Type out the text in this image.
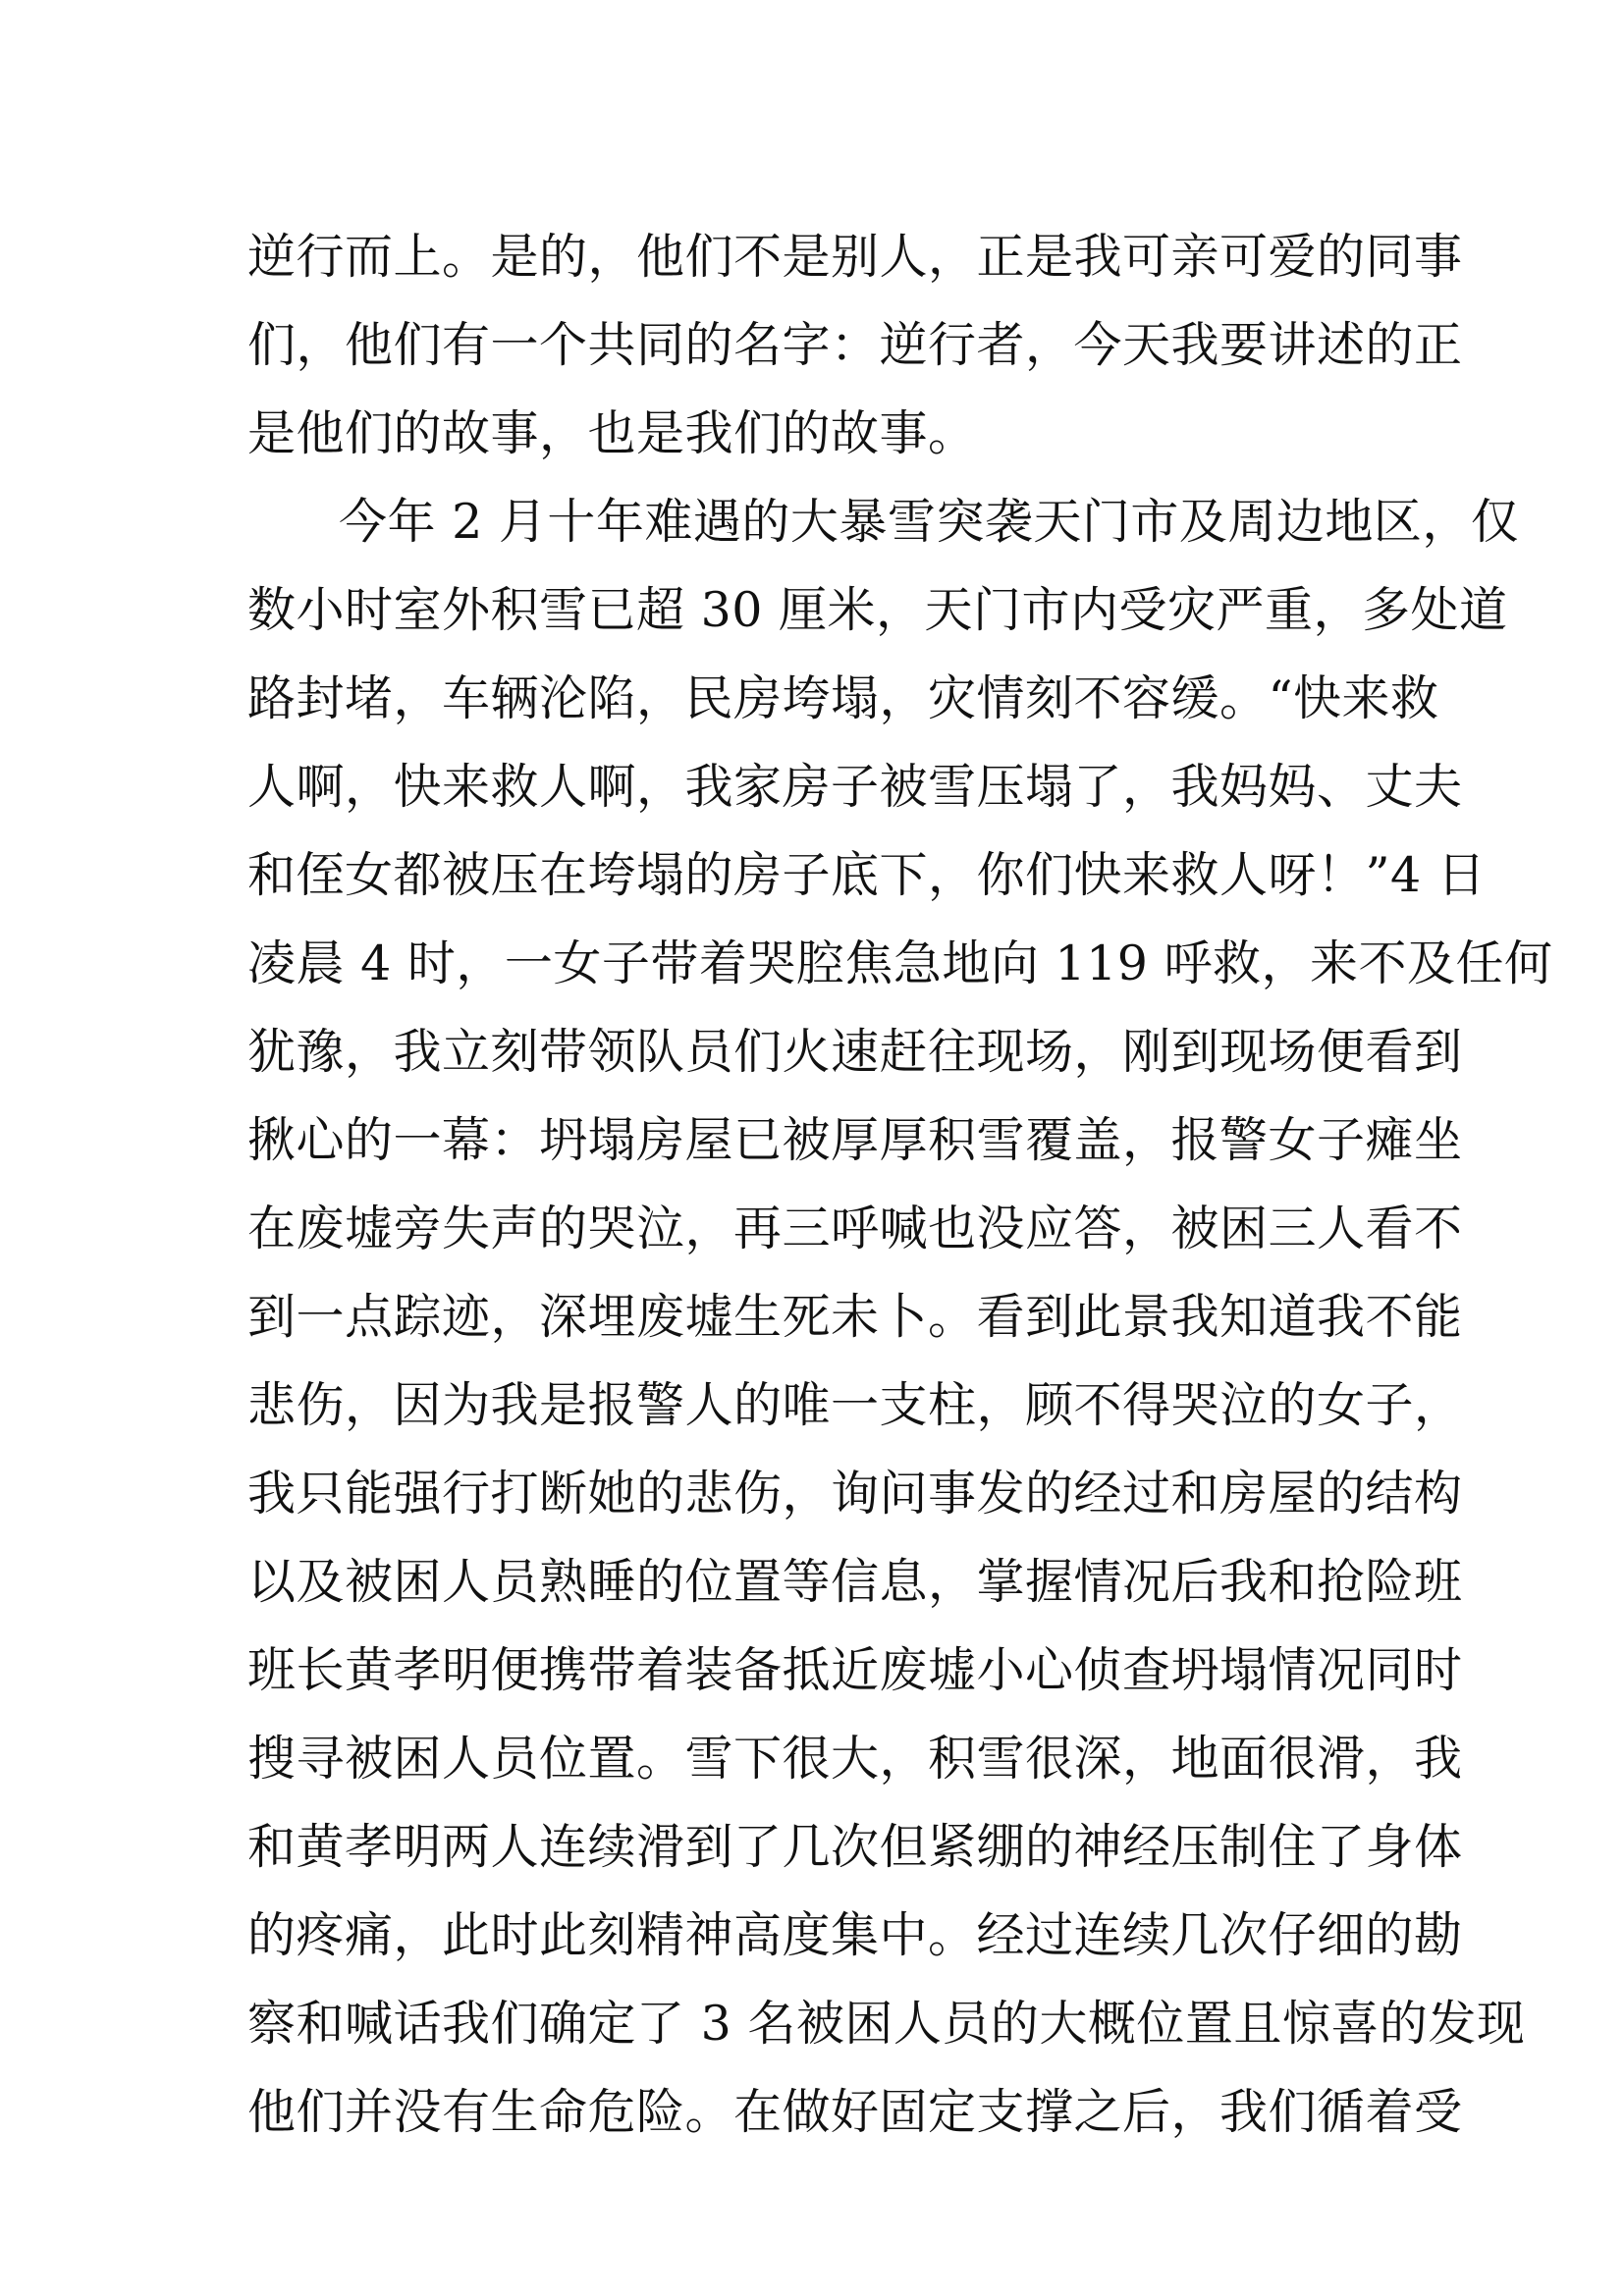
逆行而上。是的，他们不是别人，正是我可亲可爱的同事
们，他们有一个共同的名字：逆行者，今天我要讲述的正
是他们的故事，也是我们的故事。
今年 2 月十年难遇的大暴雪突袭天门市及周边地区，仅
数小时室外积雪已超 30 厘米，天门市内受灾严重，多处道
路封堵，车辆沦陷，民房垮塌，灾情刻不容缓。“快来救
人啊，快来救人啊，我家房子被雪压塌了，我妈妈、丈夫
和侄女都被压在垮塌的房子底下，你们快来救人呀！”4 日
凌晨 4 时，一女子带着哭腔焦急地向 119 呼救，来不及任何
犹豫，我立刻带领队员们火速赶往现场，刚到现场便看到
揪心的一幕：坍塌房屋已被厚厚积雪覆盖，报警女子瘫坐
在废墟旁失声的哭泣，再三呼喊也没应答，被困三人看不
到一点踪迹，深埋废墟生死未卜。看到此景我知道我不能
悲伤，因为我是报警人的唯一支柱，顾不得哭泣的女子，
我只能强行打断她的悲伤，询问事发的经过和房屋的结构
以及被困人员熟睡的位置等信息，掌握情况后我和抢险班
班长黄孝明便携带着装备抵近废墟小心侦查坍塌情况同时
搜寻被困人员位置。雪下很大，积雪很深，地面很滑，我
和黄孝明两人连续滑到了几次但紧绷的神经压制住了身体
的疼痛，此时此刻精神高度集中。经过连续几次仔细的勘
察和喊话我们确定了 3 名被困人员的大概位置且惊喜的发现
他们并没有生命危险。在做好固定支撑之后，我们循着受
